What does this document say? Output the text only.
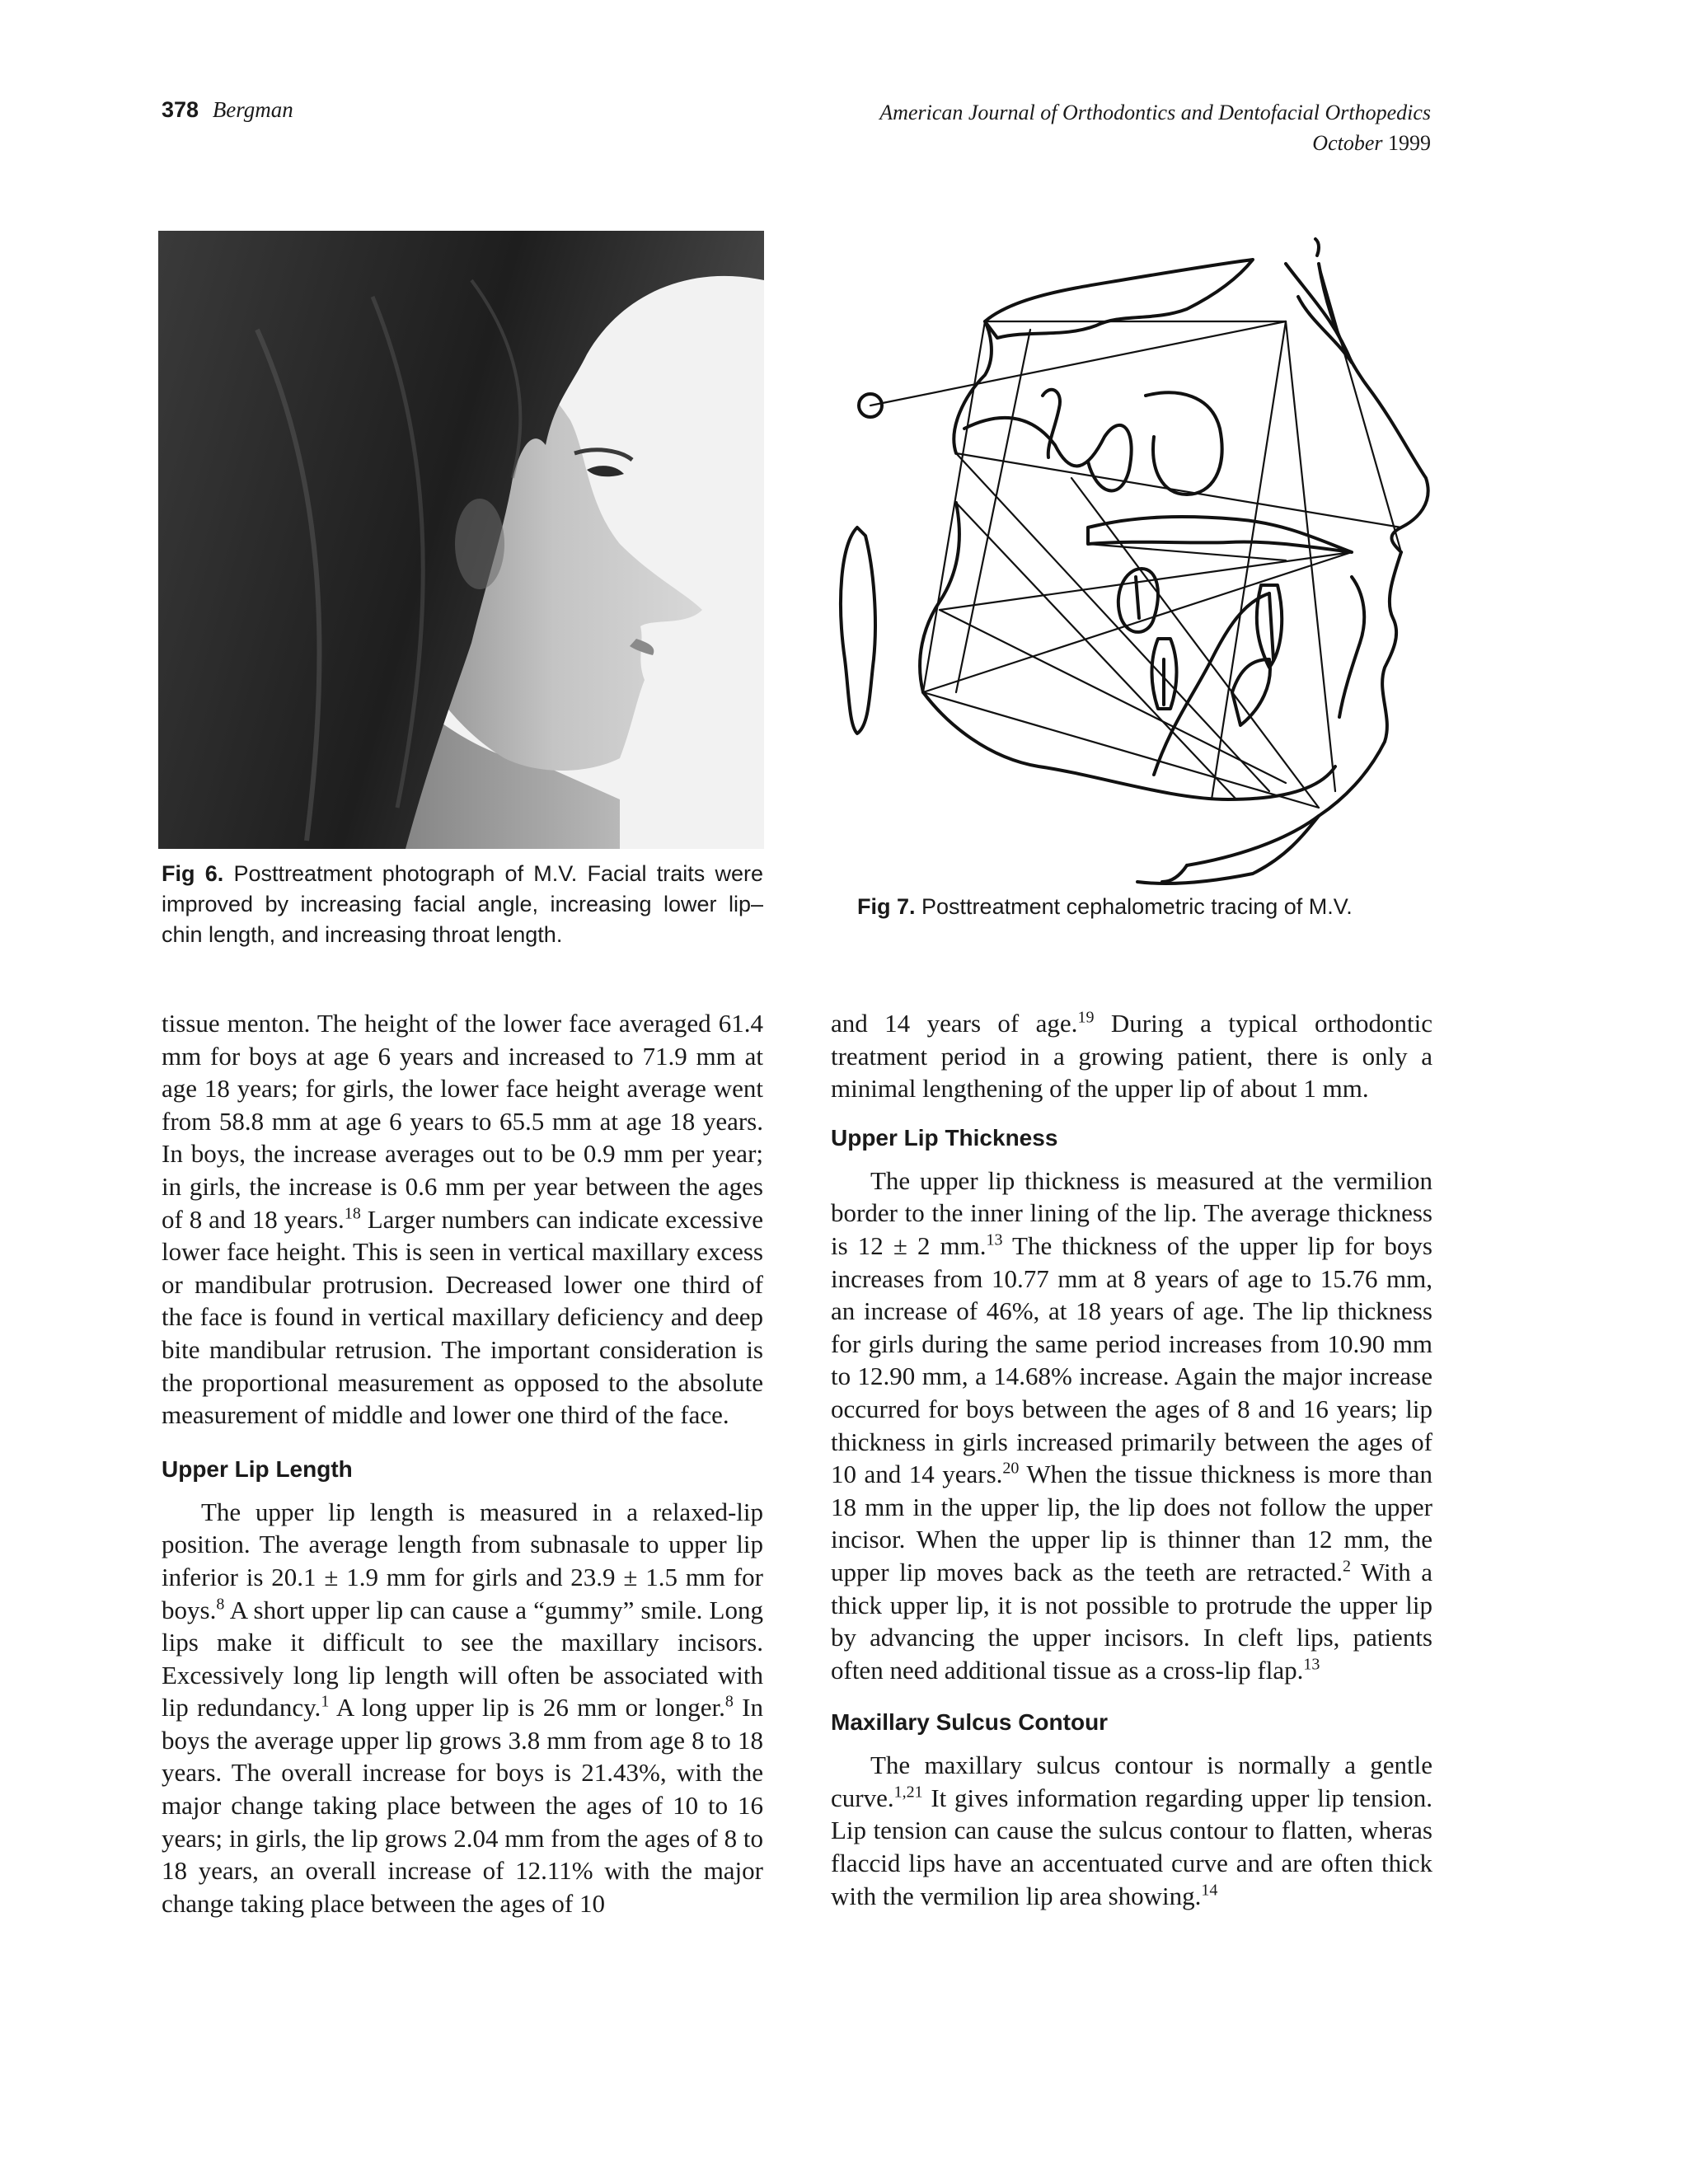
378 Bergman	American Journal of Orthodontics and Dentofacial Orthopedics
October 1999
Fig 6. Posttreatment photograph of M.V. Facial traits were improved by increasing facial angle, increasing lower lip–chin length, and increasing throat length.
Fig 7. Posttreatment cephalometric tracing of M.V.

tissue menton. The height of the lower face averaged 61.4 mm for boys at age 6 years and increased to 71.9 mm at age 18 years; for girls, the lower face height average went from 58.8 mm at age 6 years to 65.5 mm at age 18 years. In boys, the increase averages out to be 0.9 mm per year; in girls, the increase is 0.6 mm per year between the ages of 8 and 18 years.$^{18}$ Larger numbers can indicate excessive lower face height. This is seen in vertical maxillary excess or mandibular protrusion. Decreased lower one third of the face is found in vertical maxillary deficiency and deep bite mandibular retrusion. The important consideration is the proportional measurement as opposed to the absolute measurement of middle and lower one third of the face.

Upper Lip Length

The upper lip length is measured in a relaxed-lip position. The average length from subnasale to upper lip inferior is 20.1 ± 1.9 mm for girls and 23.9 ± 1.5 mm for boys.$^8$ A short upper lip can cause a “gummy” smile. Long lips make it difficult to see the maxillary incisors. Excessively long lip length will often be associated with lip redundancy.$^1$ A long upper lip is 26 mm or longer.$^8$ In boys the average upper lip grows 3.8 mm from age 8 to 18 years. The overall increase for boys is 21.43%, with the major change taking place between the ages of 10 to 16 years; in girls, the lip grows 2.04 mm from the ages of 8 to 18 years, an overall increase of 12.11% with the major change taking place between the ages of 10

and 14 years of age.$^{19}$ During a typical orthodontic treatment period in a growing patient, there is only a minimal lengthening of the upper lip of about 1 mm.

Upper Lip Thickness

The upper lip thickness is measured at the vermilion border to the inner lining of the lip. The average thickness is 12 ± 2 mm.$^{13}$ The thickness of the upper lip for boys increases from 10.77 mm at 8 years of age to 15.76 mm, an increase of 46%, at 18 years of age. The lip thickness for girls during the same period increases from 10.90 mm to 12.90 mm, a 14.68% increase. Again the major increase occurred for boys between the ages of 8 and 16 years; lip thickness in girls increased primarily between the ages of 10 and 14 years.$^{20}$ When the tissue thickness is more than 18 mm in the upper lip, the lip does not follow the upper incisor. When the upper lip is thinner than 12 mm, the upper lip moves back as the teeth are retracted.$^2$ With a thick upper lip, it is not possible to protrude the upper lip by advancing the upper incisors. In cleft lips, patients often need additional tissue as a cross-lip flap.$^{13}$

Maxillary Sulcus Contour

The maxillary sulcus contour is normally a gentle curve.$^{1,21}$ It gives information regarding upper lip tension. Lip tension can cause the sulcus contour to flatten, wheras flaccid lips have an accentuated curve and are often thick with the vermilion lip area showing.$^{14}$
